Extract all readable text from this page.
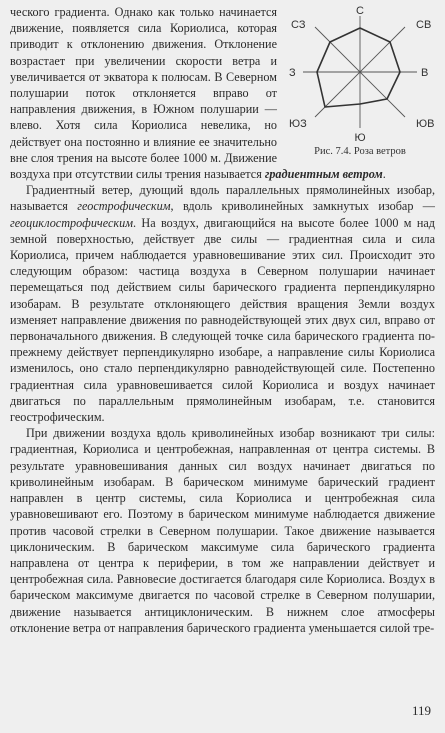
С
СВ
В
ЮВ
Ю
ЮЗ
З
СЗ
Рис. 7.4. Роза ветров

ческого градиента. Однако как только начинается движение, появляется сила Кориолиса, которая приводит к отклонению движения. Отклонение возрастает при увеличении скорости ветра и увеличивается от экватора к полюсам. В Северном полушарии поток отклоняется вправо от направления движения, в Южном полушарии — влево. Хотя сила Кориолиса невелика, но действует она постоянно и влияние ее значительно вне слоя трения на высоте более 1000 м. Движение воздуха при отсутствии силы трения называется градиентным ветром.

Градиентный ветер, дующий вдоль параллельных прямолинейных изобар, называется геострофическим, вдоль криволинейных замкнутых изобар — геоциклострофическим. На воздух, двигающийся на высоте более 1000 м над земной поверхностью, действует две силы — градиентная сила и сила Кориолиса, причем наблюдается уравновешивание этих сил. Происходит это следующим образом: частица воздуха в Северном полушарии начинает перемещаться под действием силы барического градиента перпендикулярно изобарам. В результате отклоняющего действия вращения Земли воздух изменяет направление движения по равнодействующей этих двух сил, вправо от первоначального движения. В следующей точке сила барического градиента по-прежнему действует перпендикулярно изобаре, а направление силы Кориолиса изменилось, оно стало перпендикулярно равнодействующей силе. Постепенно градиентная сила уравновешивается силой Кориолиса и воздух начинает двигаться по параллельным прямолинейным изобарам, т.е. становится геострофическим.

При движении воздуха вдоль криволинейных изобар возникают три силы: градиентная, Кориолиса и центробежная, направленная от центра системы. В результате уравновешивания данных сил воздух начинает двигаться по криволинейным изобарам. В барическом минимуме барический градиент направлен в центр системы, сила Кориолиса и центробежная сила уравновешивают его. Поэтому в барическом минимуме наблюдается движение против часовой стрелки в Северном полушарии. Такое движение называется циклоническим. В барическом максимуме сила барического градиента направлена от центра к периферии, в том же направлении действует и центробежная сила. Равновесие достигается благодаря силе Кориолиса. Воздух в барическом максимуме двигается по часовой стрелке в Северном полушарии, движение называется антициклоническим. В нижнем слое атмосферы отклонение ветра от направления барического градиента уменьшается силой тре-

119
